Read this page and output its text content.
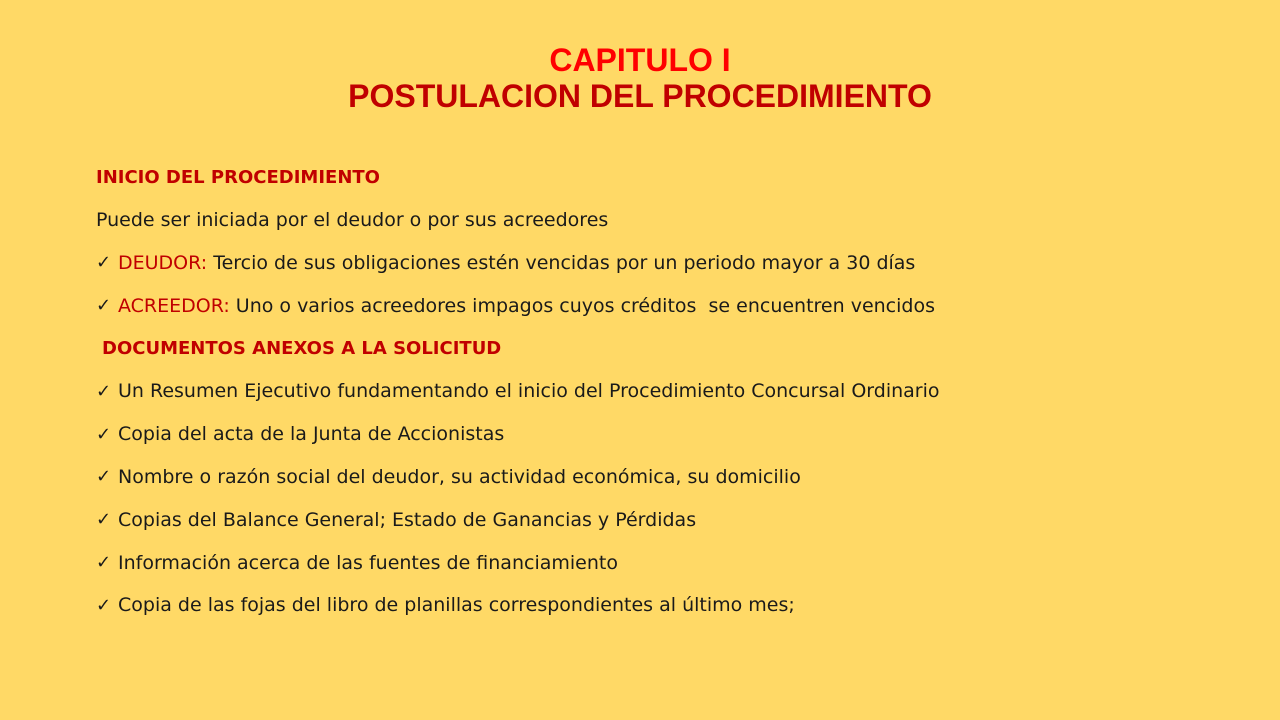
CAPITULO I
POSTULACION DEL PROCEDIMIENTO
INICIO DEL PROCEDIMIENTO
Puede ser iniciada por el deudor o por sus acreedores
✓ DEUDOR: Tercio de sus obligaciones estén vencidas por un periodo mayor a 30 días
✓ ACREEDOR: Uno o varios acreedores impagos cuyos créditos  se encuentren vencidos
DOCUMENTOS ANEXOS A LA SOLICITUD
✓ Un Resumen Ejecutivo fundamentando el inicio del Procedimiento Concursal Ordinario
✓ Copia del acta de la Junta de Accionistas
✓ Nombre o razón social del deudor, su actividad económica, su domicilio
✓ Copias del Balance General; Estado de Ganancias y Pérdidas
✓ Información acerca de las fuentes de financiamiento
✓ Copia de las fojas del libro de planillas correspondientes al último mes;
